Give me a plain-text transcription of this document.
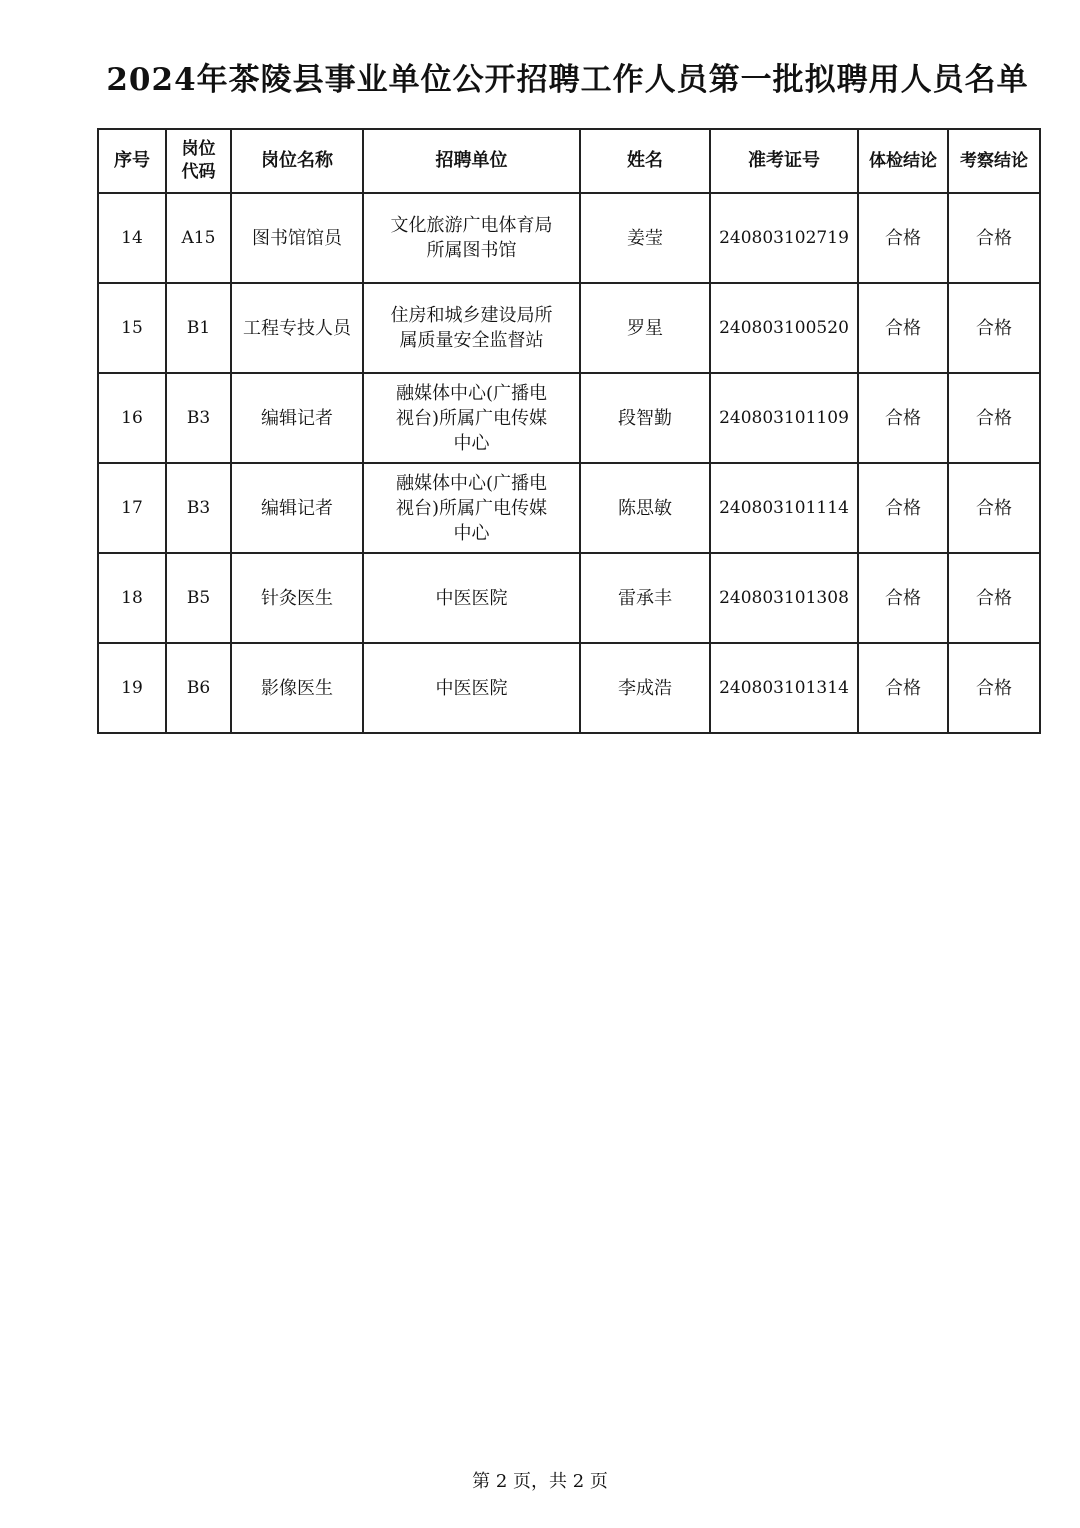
2024年茶陵县事业单位公开招聘工作人员第一批拟聘用人员名单
序号	岗位代码	岗位名称	招聘单位	姓名	准考证号	体检结论	考察结论
14	A15	图书馆馆员	文化旅游广电体育局所属图书馆	姜莹	240803102719	合格	合格
15	B1	工程专技人员	住房和城乡建设局所属质量安全监督站	罗星	240803100520	合格	合格
16	B3	编辑记者	融媒体中心(广播电视台)所属广电传媒中心	段智勤	240803101109	合格	合格
17	B3	编辑记者	融媒体中心(广播电视台)所属广电传媒中心	陈思敏	240803101114	合格	合格
18	B5	针灸医生	中医医院	雷承丰	240803101308	合格	合格
19	B6	影像医生	中医医院	李成浩	240803101314	合格	合格
第 2 页，共 2 页
